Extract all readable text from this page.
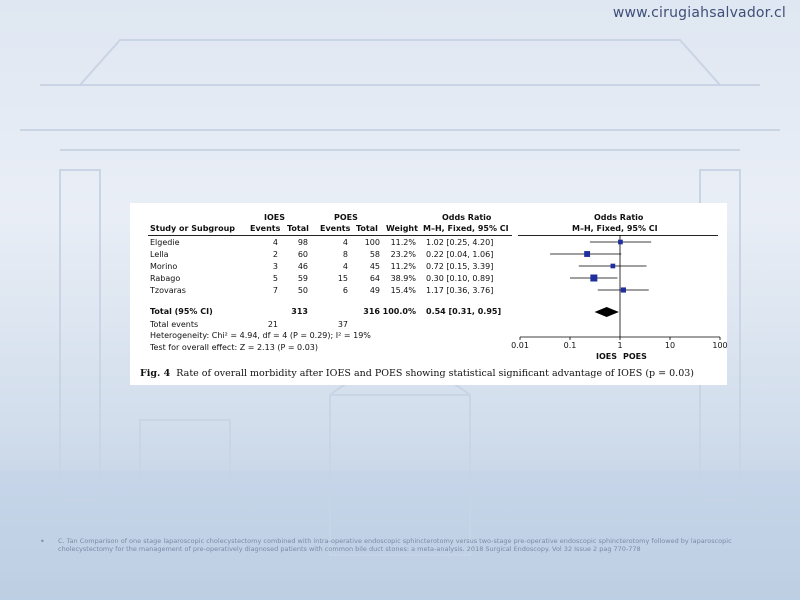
www.cirugiahsalvador.cl
IOES	POES	Odds Ratio	Odds Ratio
Study or Subgroup Events Total Events Total Weight M–H, Fixed, 95% CI	M–H, Fixed, 95% CI
Elgedie	4	98	4	100	11.2% 1.02 [0.25, 4.20]
Lella	2	60	8	58	23.2% 0.22 [0.04, 1.06]
Morino	3	46	4	45	11.2% 0.72 [0.15, 3.39]
Rabago	5	59	15	64	38.9% 0.30 [0.10, 0.89]
Tzovaras	7	50	6	49	15.4% 1.17 [0.36, 3.76]
Total (95% CI)	313	316 100.0% 0.54 [0.31, 0.95]
Total events	21	37
Heterogeneity: Chi² = 4.94, df = 4 (P = 0.29); I² = 19%
Test for overall effect: Z = 2.13 (P = 0.03)	0.01	0.1	1	10	100
IOES POES
Fig. 4 Rate of overall morbidity after IOES and POES showing statistical significant advantage of IOES (p = 0.03)
• C. Tan Comparison of one stage laparoscopic cholecystectomy combined with intra-operative endoscopic sphincterotomy versus two-stage pre-operative endoscopic sphincterotomy followed by laparoscopic cholecystectomy for the management of pre-operatively diagnosed patients with common bile duct stones: a meta-analysis. 2018 Surgical Endoscopy. Vol 32 Issue 2 pag 770-778
